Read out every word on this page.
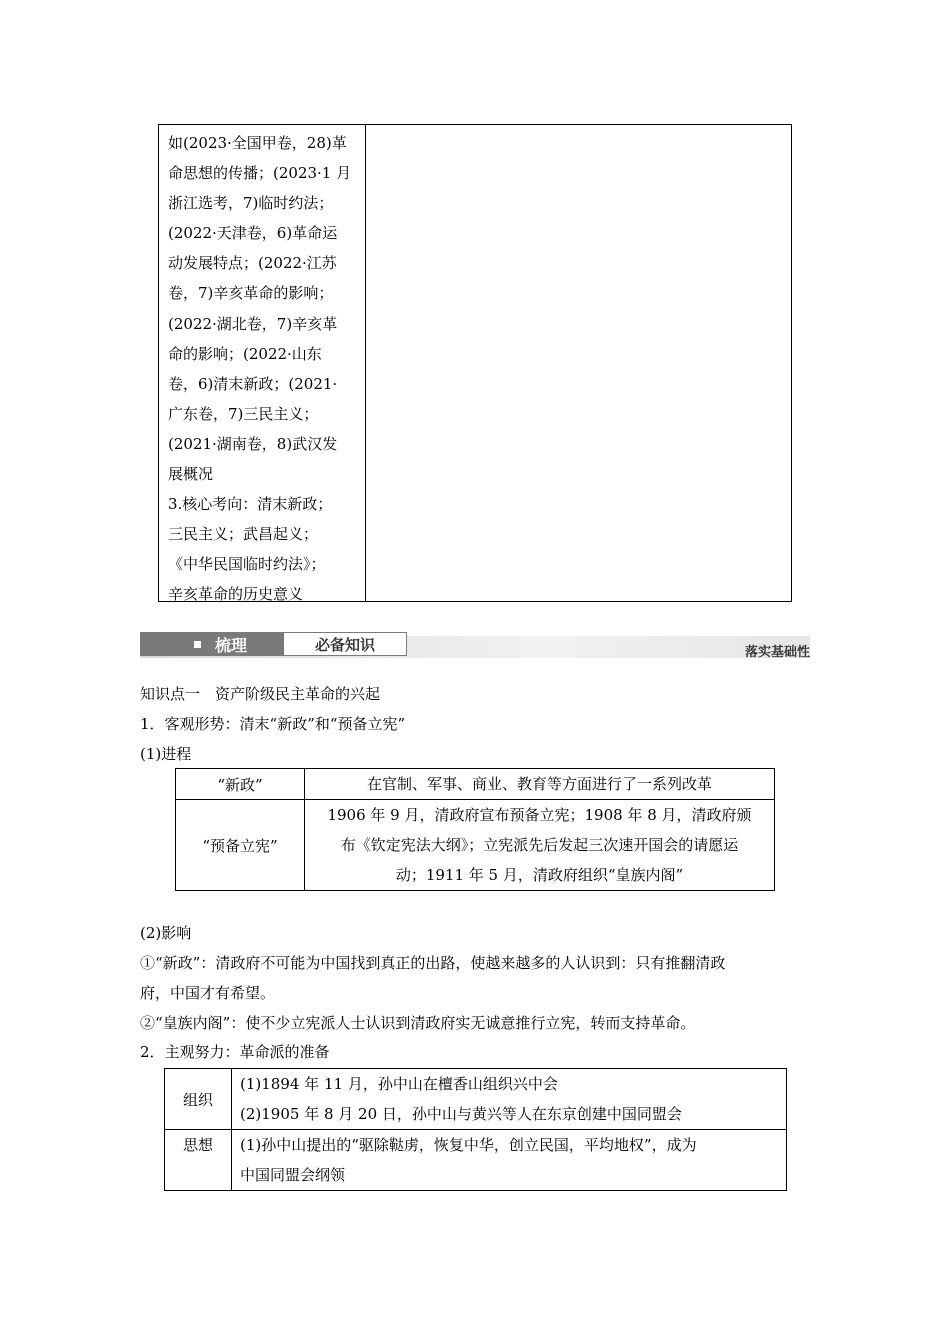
如(2023·全国甲卷，28)革
命思想的传播；(2023·1 月
浙江选考，7)临时约法；
(2022·天津卷，6)革命运
动发展特点；(2022·江苏
卷，7)辛亥革命的影响；
(2022·湖北卷，7)辛亥革
命的影响；(2022·山东
卷，6)清末新政；(2021·
广东卷，7)三民主义；
(2021·湖南卷，8)武汉发
展概况
3.核心考向：清末新政；
三民主义；武昌起义；
《中华民国临时约法》；
辛亥革命的历史意义
梳理	必备知识	落实基础性
知识点一　资产阶级民主革命的兴起
1．客观形势：清末“新政”和“预备立宪”
(1)进程
“新政”	在官制、军事、商业、教育等方面进行了一系列改革

“预备立宪”	1906 年 9 月，清政府宣布预备立宪；1908 年 8 月，清政府颁
布《钦定宪法大纲》；立宪派先后发起三次速开国会的请愿运
动；1911 年 5 月，清政府组织“皇族内阁”
(2)影响
①“新政”：清政府不可能为中国找到真正的出路，使越来越多的人认识到：只有推翻清政
府，中国才有希望。
②“皇族内阁”：使不少立宪派人士认识到清政府实无诚意推行立宪，转而支持革命。
2．主观努力：革命派的准备
组织	(1)1894 年 11 月，孙中山在檀香山组织兴中会
(2)1905 年 8 月 20 日，孙中山与黄兴等人在东京创建中国同盟会

思想	(1)孙中山提出的“驱除鞑虏，恢复中华，创立民国，平均地权”，成为
中国同盟会纲领
